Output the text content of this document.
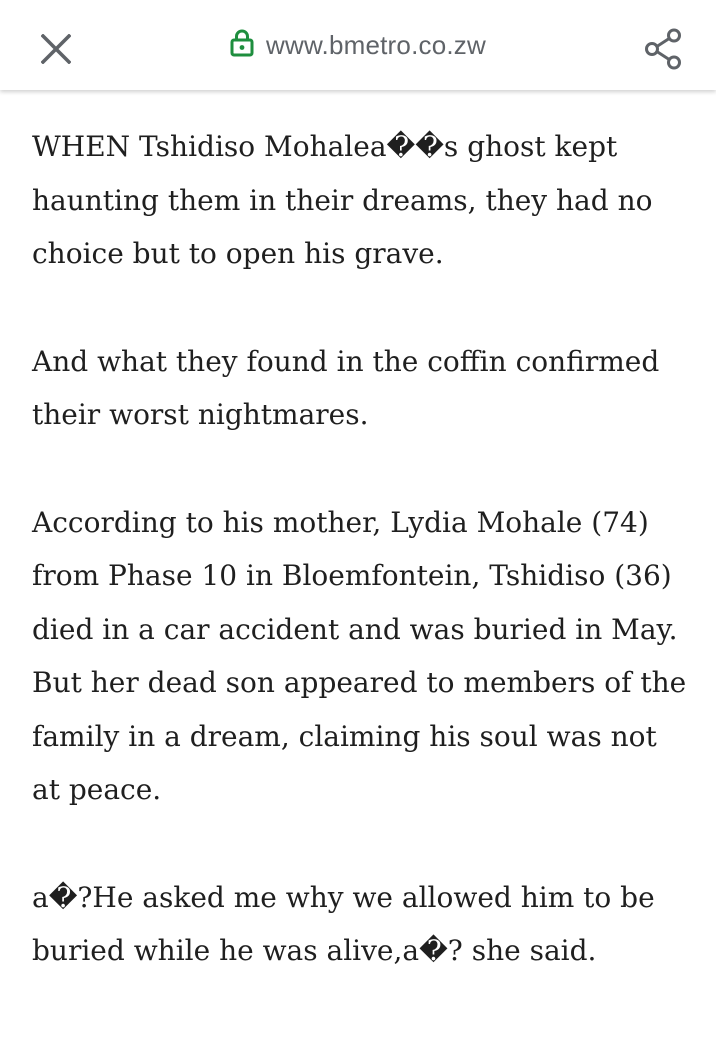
www.bmetro.co.zw

WHEN Tshidiso Mohalea��s ghost kept haunting them in their dreams, they had no choice but to open his grave.

And what they found in the coffin confirmed their worst nightmares.

According to his mother, Lydia Mohale (74) from Phase 10 in Bloemfontein, Tshidiso (36) died in a car accident and was buried in May. But her dead son appeared to members of the family in a dream, claiming his soul was not at peace.

a�?He asked me why we allowed him to be buried while he was alive,a�? she said.
